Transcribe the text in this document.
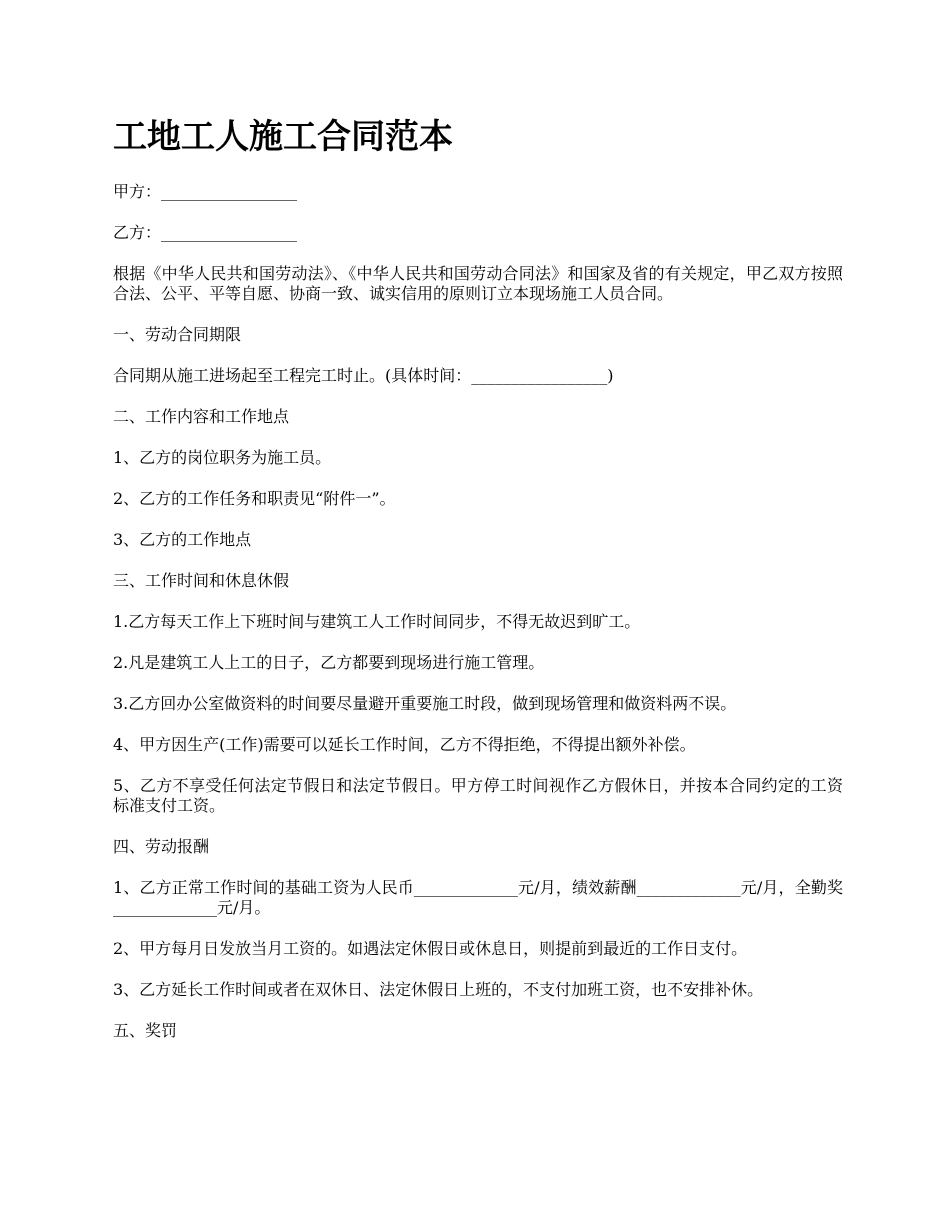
工地工人施工合同范本

甲方：_________________

乙方：_________________

根据《中华人民共和国劳动法》、《中华人民共和国劳动合同法》和国家及省的有关规定，甲乙双方按照合法、公平、平等自愿、协商一致、诚实信用的原则订立本现场施工人员合同。

一、劳动合同期限

合同期从施工进场起至工程完工时止。(具体时间：_________________)

二、工作内容和工作地点

1、乙方的岗位职务为施工员。

2、乙方的工作任务和职责见“附件一”。

3、乙方的工作地点

三、工作时间和休息休假

1.乙方每天工作上下班时间与建筑工人工作时间同步，不得无故迟到旷工。

2.凡是建筑工人上工的日子，乙方都要到现场进行施工管理。

3.乙方回办公室做资料的时间要尽量避开重要施工时段，做到现场管理和做资料两不误。

4、甲方因生产(工作)需要可以延长工作时间，乙方不得拒绝，不得提出额外补偿。

5、乙方不享受任何法定节假日和法定节假日。甲方停工时间视作乙方假休日，并按本合同约定的工资标准支付工资。

四、劳动报酬

1、乙方正常工作时间的基础工资为人民币_____________元/月，绩效薪酬_____________元/月，全勤奖_____________元/月。

2、甲方每月日发放当月工资的。如遇法定休假日或休息日，则提前到最近的工作日支付。

3、乙方延长工作时间或者在双休日、法定休假日上班的，不支付加班工资，也不安排补休。

五、奖罚
